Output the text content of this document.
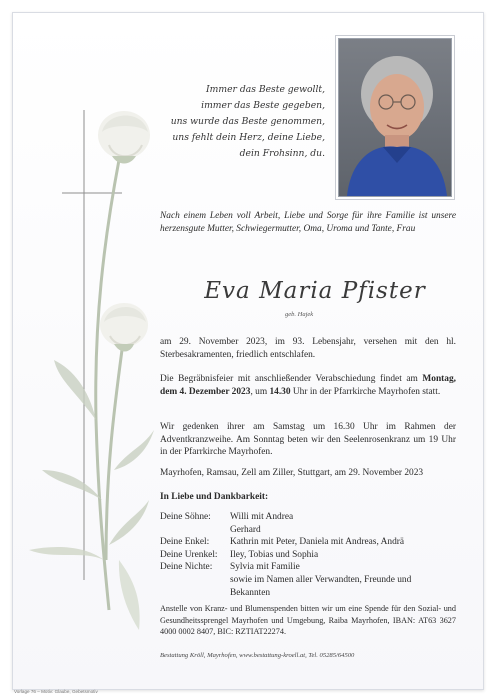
Immer das Beste gewollt,
immer das Beste gegeben,
uns wurde das Beste genommen,
uns fehlt dein Herz, deine Liebe,
dein Frohsinn, du.
Nach einem Leben voll Arbeit, Liebe und Sorge für ihre Familie ist unsere herzensgute Mutter, Schwiegermutter, Oma, Uroma und Tante, Frau
Eva Maria Pfister
geb. Hajek
am 29. November 2023, im 93. Lebensjahr, versehen mit den hl. Sterbesakramenten, friedlich entschlafen.
Die Begräbnisfeier mit anschließender Verabschiedung findet am Montag, dem 4. Dezember 2023, um 14.30 Uhr in der Pfarrkirche Mayrhofen statt.
Wir gedenken ihrer am Samstag um 16.30 Uhr im Rahmen der Adventkranzweihe. Am Sonntag beten wir den Seelenrosenkranz um 19 Uhr in der Pfarrkirche Mayrhofen.
Mayrhofen, Ramsau, Zell am Ziller, Stuttgart, am 29. November 2023
In Liebe und Dankbarkeit:
Deine Söhne:	Willi mit Andrea
Gerhard
Deine Enkel:	Kathrin mit Peter, Daniela mit Andreas, Andrä
Deine Urenkel:	Iley, Tobias und Sophia
Deine Nichte:	Sylvia mit Familie
sowie im Namen aller Verwandten, Freunde und
Bekannten
Anstelle von Kranz- und Blumenspenden bitten wir um eine Spende für den Sozial- und Gesundheitssprengel Mayrhofen und Umgebung, Raiba Mayrhofen, IBAN: AT63 3627 4000 0002 8407, BIC: RZTIAT22274.
Bestattung Kröll, Mayrhofen, www.bestattung-kroell.at, Tel. 05285/64500
Vorlage 76 – Motiv: Glaube, Gebetsmotiv
